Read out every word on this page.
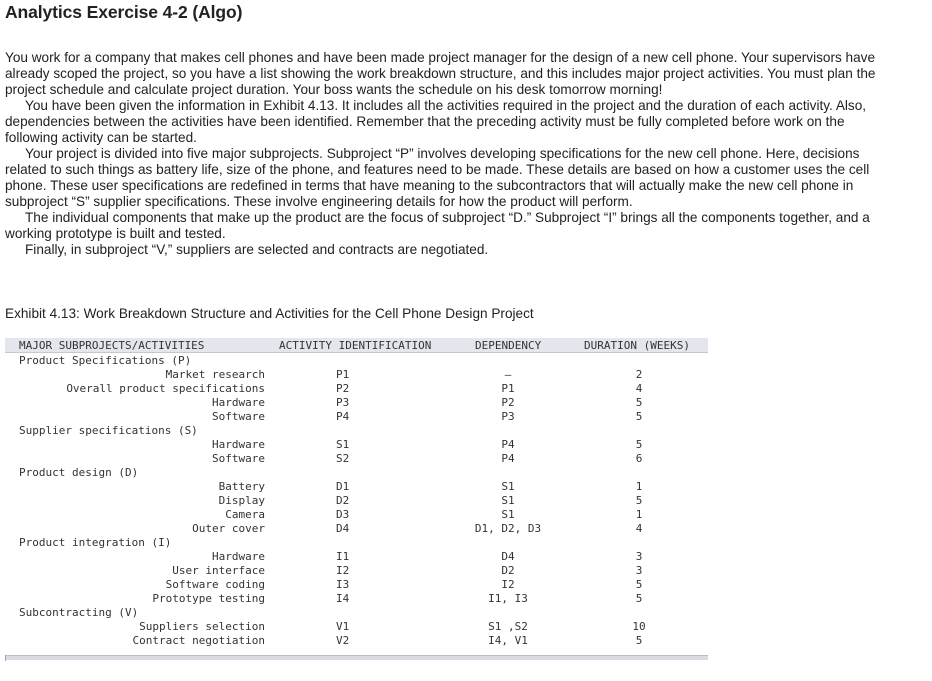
Analytics Exercise 4-2 (Algo)

You work for a company that makes cell phones and have been made project manager for the design of a new cell phone. Your supervisors have already scoped the project, so you have a list showing the work breakdown structure, and this includes major project activities. You must plan the project schedule and calculate project duration. Your boss wants the schedule on his desk tomorrow morning!

You have been given the information in Exhibit 4.13. It includes all the activities required in the project and the duration of each activity. Also, dependencies between the activities have been identified. Remember that the preceding activity must be fully completed before work on the following activity can be started.

Your project is divided into five major subprojects. Subproject “P” involves developing specifications for the new cell phone. Here, decisions related to such things as battery life, size of the phone, and features need to be made. These details are based on how a customer uses the cell phone. These user specifications are redefined in terms that have meaning to the subcontractors that will actually make the new cell phone in subproject “S” supplier specifications. These involve engineering details for how the product will perform.

The individual components that make up the product are the focus of subproject “D.” Subproject “I” brings all the components together, and a working prototype is built and tested.

Finally, in subproject “V,” suppliers are selected and contracts are negotiated.

Exhibit 4.13: Work Breakdown Structure and Activities for the Cell Phone Design Project
MAJOR SUBPROJECTS/ACTIVITIES	ACTIVITY IDENTIFICATION	DEPENDENCY	DURATION (WEEKS)
Product Specifications (P)
Market research	P1	—	2
Overall product specifications	P2	P1	4
Hardware	P3	P2	5
Software	P4	P3	5
Supplier specifications (S)
Hardware	S1	P4	5
Software	S2	P4	6
Product design (D)
Battery	D1	S1	1
Display	D2	S1	5
Camera	D3	S1	1
Outer cover	D4	D1, D2, D3	4
Product integration (I)
Hardware	I1	D4	3
User interface	I2	D2	3
Software coding	I3	I2	5
Prototype testing	I4	I1, I3	5
Subcontracting (V)
Suppliers selection	V1	S1 ,S2	10
Contract negotiation	V2	I4, V1	5
